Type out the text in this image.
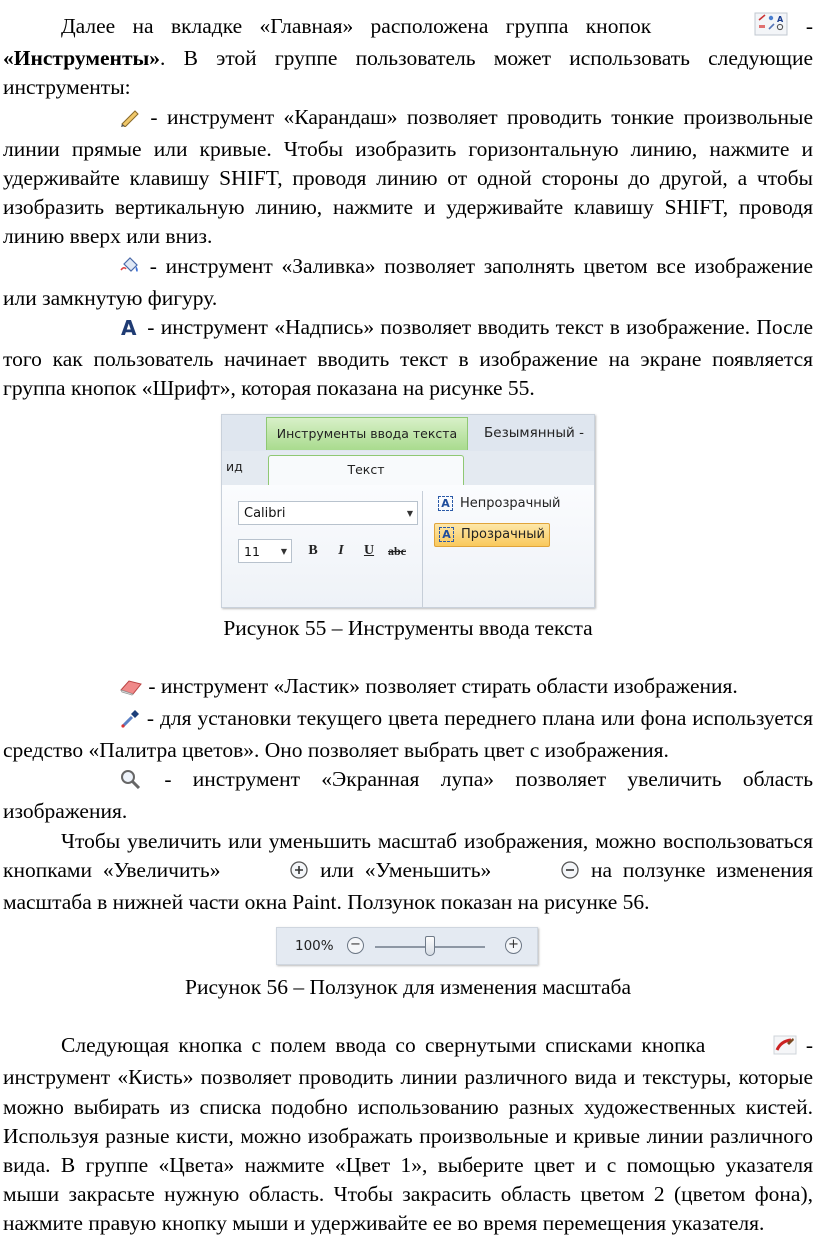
Далее на вкладке «Главная» расположена группа кнопок	A - «Инструменты». В этой группе пользователь может использовать следующие инструменты:

- инструмент «Карандаш» позволяет проводить тонкие произвольные линии прямые или кривые. Чтобы изобразить горизонтальную линию, нажмите и удерживайте клавишу SHIFT, проводя линию от одной стороны до другой, а чтобы изобразить вертикальную линию, нажмите и удерживайте клавишу SHIFT, проводя линию вверх или вниз.

- инструмент «Заливка» позволяет заполнять цветом все изображение или замкнутую фигуру.

A - инструмент «Надпись» позволяет вводить текст в изображение. После того как пользователь начинает вводить текст в изображение на экране появляется группа кнопок «Шрифт», которая показана на рисунке 55.

Инструменты ввода текста	Безымянный -
ид	Текст
Calibri	▼
11	▼	B	I	U	abc
A Непрозрачный
A Прозрачный

Рисунок 55 – Инструменты ввода текста

- инструмент «Ластик» позволяет стирать области изображения.

- для установки текущего цвета переднего плана или фона используется средство «Палитра цветов». Оно позволяет выбрать цвет с изображения.

- инструмент «Экранная лупа» позволяет увеличить область изображения.

Чтобы увеличить или уменьшить масштаб изображения, можно воспользоваться кнопками «Увеличить»	или «Уменьшить»	на ползунке изменения масштаба в нижней части окна Paint. Ползунок показан на рисунке 56.

100% −	+

Рисунок 56 – Ползунок для изменения масштаба

Следующая кнопка с полем ввода со свернутыми списками кнопка	- инструмент «Кисть» позволяет проводить линии различного вида и текстуры, которые можно выбирать из списка подобно использованию разных художественных кистей. Используя разные кисти, можно изображать произвольные и кривые линии различного вида. В группе «Цвета» нажмите «Цвет 1», выберите цвет и с помощью указателя мыши закрасьте нужную область. Чтобы закрасить область цветом 2 (цветом фона), нажмите правую кнопку мыши и удерживайте ее во время перемещения указателя.
